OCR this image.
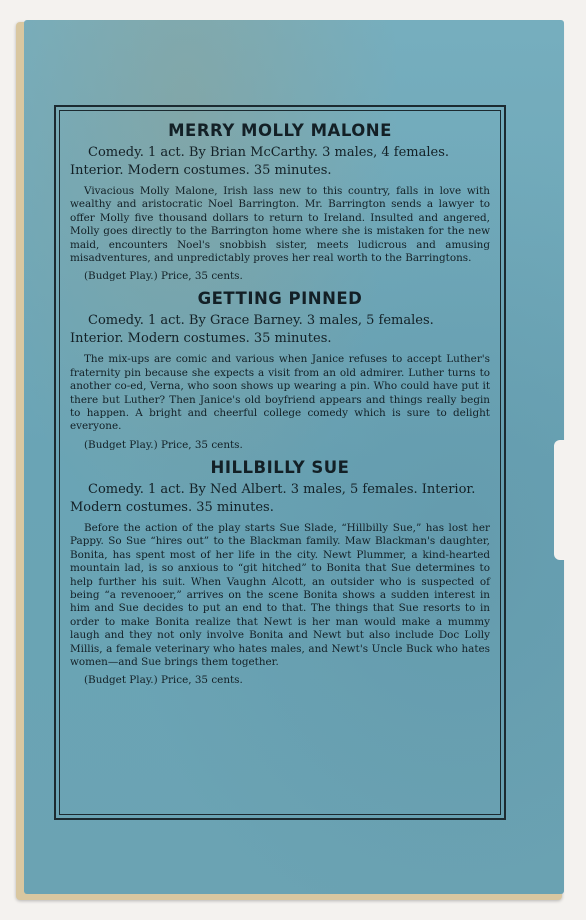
MERRY MOLLY MALONE
Comedy. 1 act. By Brian McCarthy. 3 males, 4 females. Interior. Modern costumes. 35 minutes.
Vivacious Molly Malone, Irish lass new to this country, falls in love with wealthy and aristocratic Noel Barrington. Mr. Barrington sends a lawyer to offer Molly five thousand dollars to return to Ireland. Insulted and angered, Molly goes directly to the Barrington home where she is mistaken for the new maid, encounters Noel's snobbish sister, meets ludicrous and amusing misadventures, and unpredictably proves her real worth to the Barringtons.
(Budget Play.) Price, 35 cents.
GETTING PINNED
Comedy. 1 act. By Grace Barney. 3 males, 5 females. Interior. Modern costumes. 35 minutes.
The mix-ups are comic and various when Janice refuses to accept Luther's fraternity pin because she expects a visit from an old admirer. Luther turns to another co-ed, Verna, who soon shows up wearing a pin. Who could have put it there but Luther? Then Janice's old boyfriend appears and things really begin to happen. A bright and cheerful college comedy which is sure to delight everyone.
(Budget Play.) Price, 35 cents.
HILLBILLY SUE
Comedy. 1 act. By Ned Albert. 3 males, 5 females. Interior. Modern costumes. 35 minutes.
Before the action of the play starts Sue Slade, “Hillbilly Sue,” has lost her Pappy. So Sue “hires out” to the Blackman family. Maw Blackman's daughter, Bonita, has spent most of her life in the city. Newt Plummer, a kind-hearted mountain lad, is so anxious to “git hitched” to Bonita that Sue determines to help further his suit. When Vaughn Alcott, an outsider who is suspected of being “a revenooer,” arrives on the scene Bonita shows a sudden interest in him and Sue decides to put an end to that. The things that Sue resorts to in order to make Bonita realize that Newt is her man would make a mummy laugh and they not only involve Bonita and Newt but also include Doc Lolly Millis, a female veterinary who hates males, and Newt's Uncle Buck who hates women—and Sue brings them together.
(Budget Play.) Price, 35 cents.
